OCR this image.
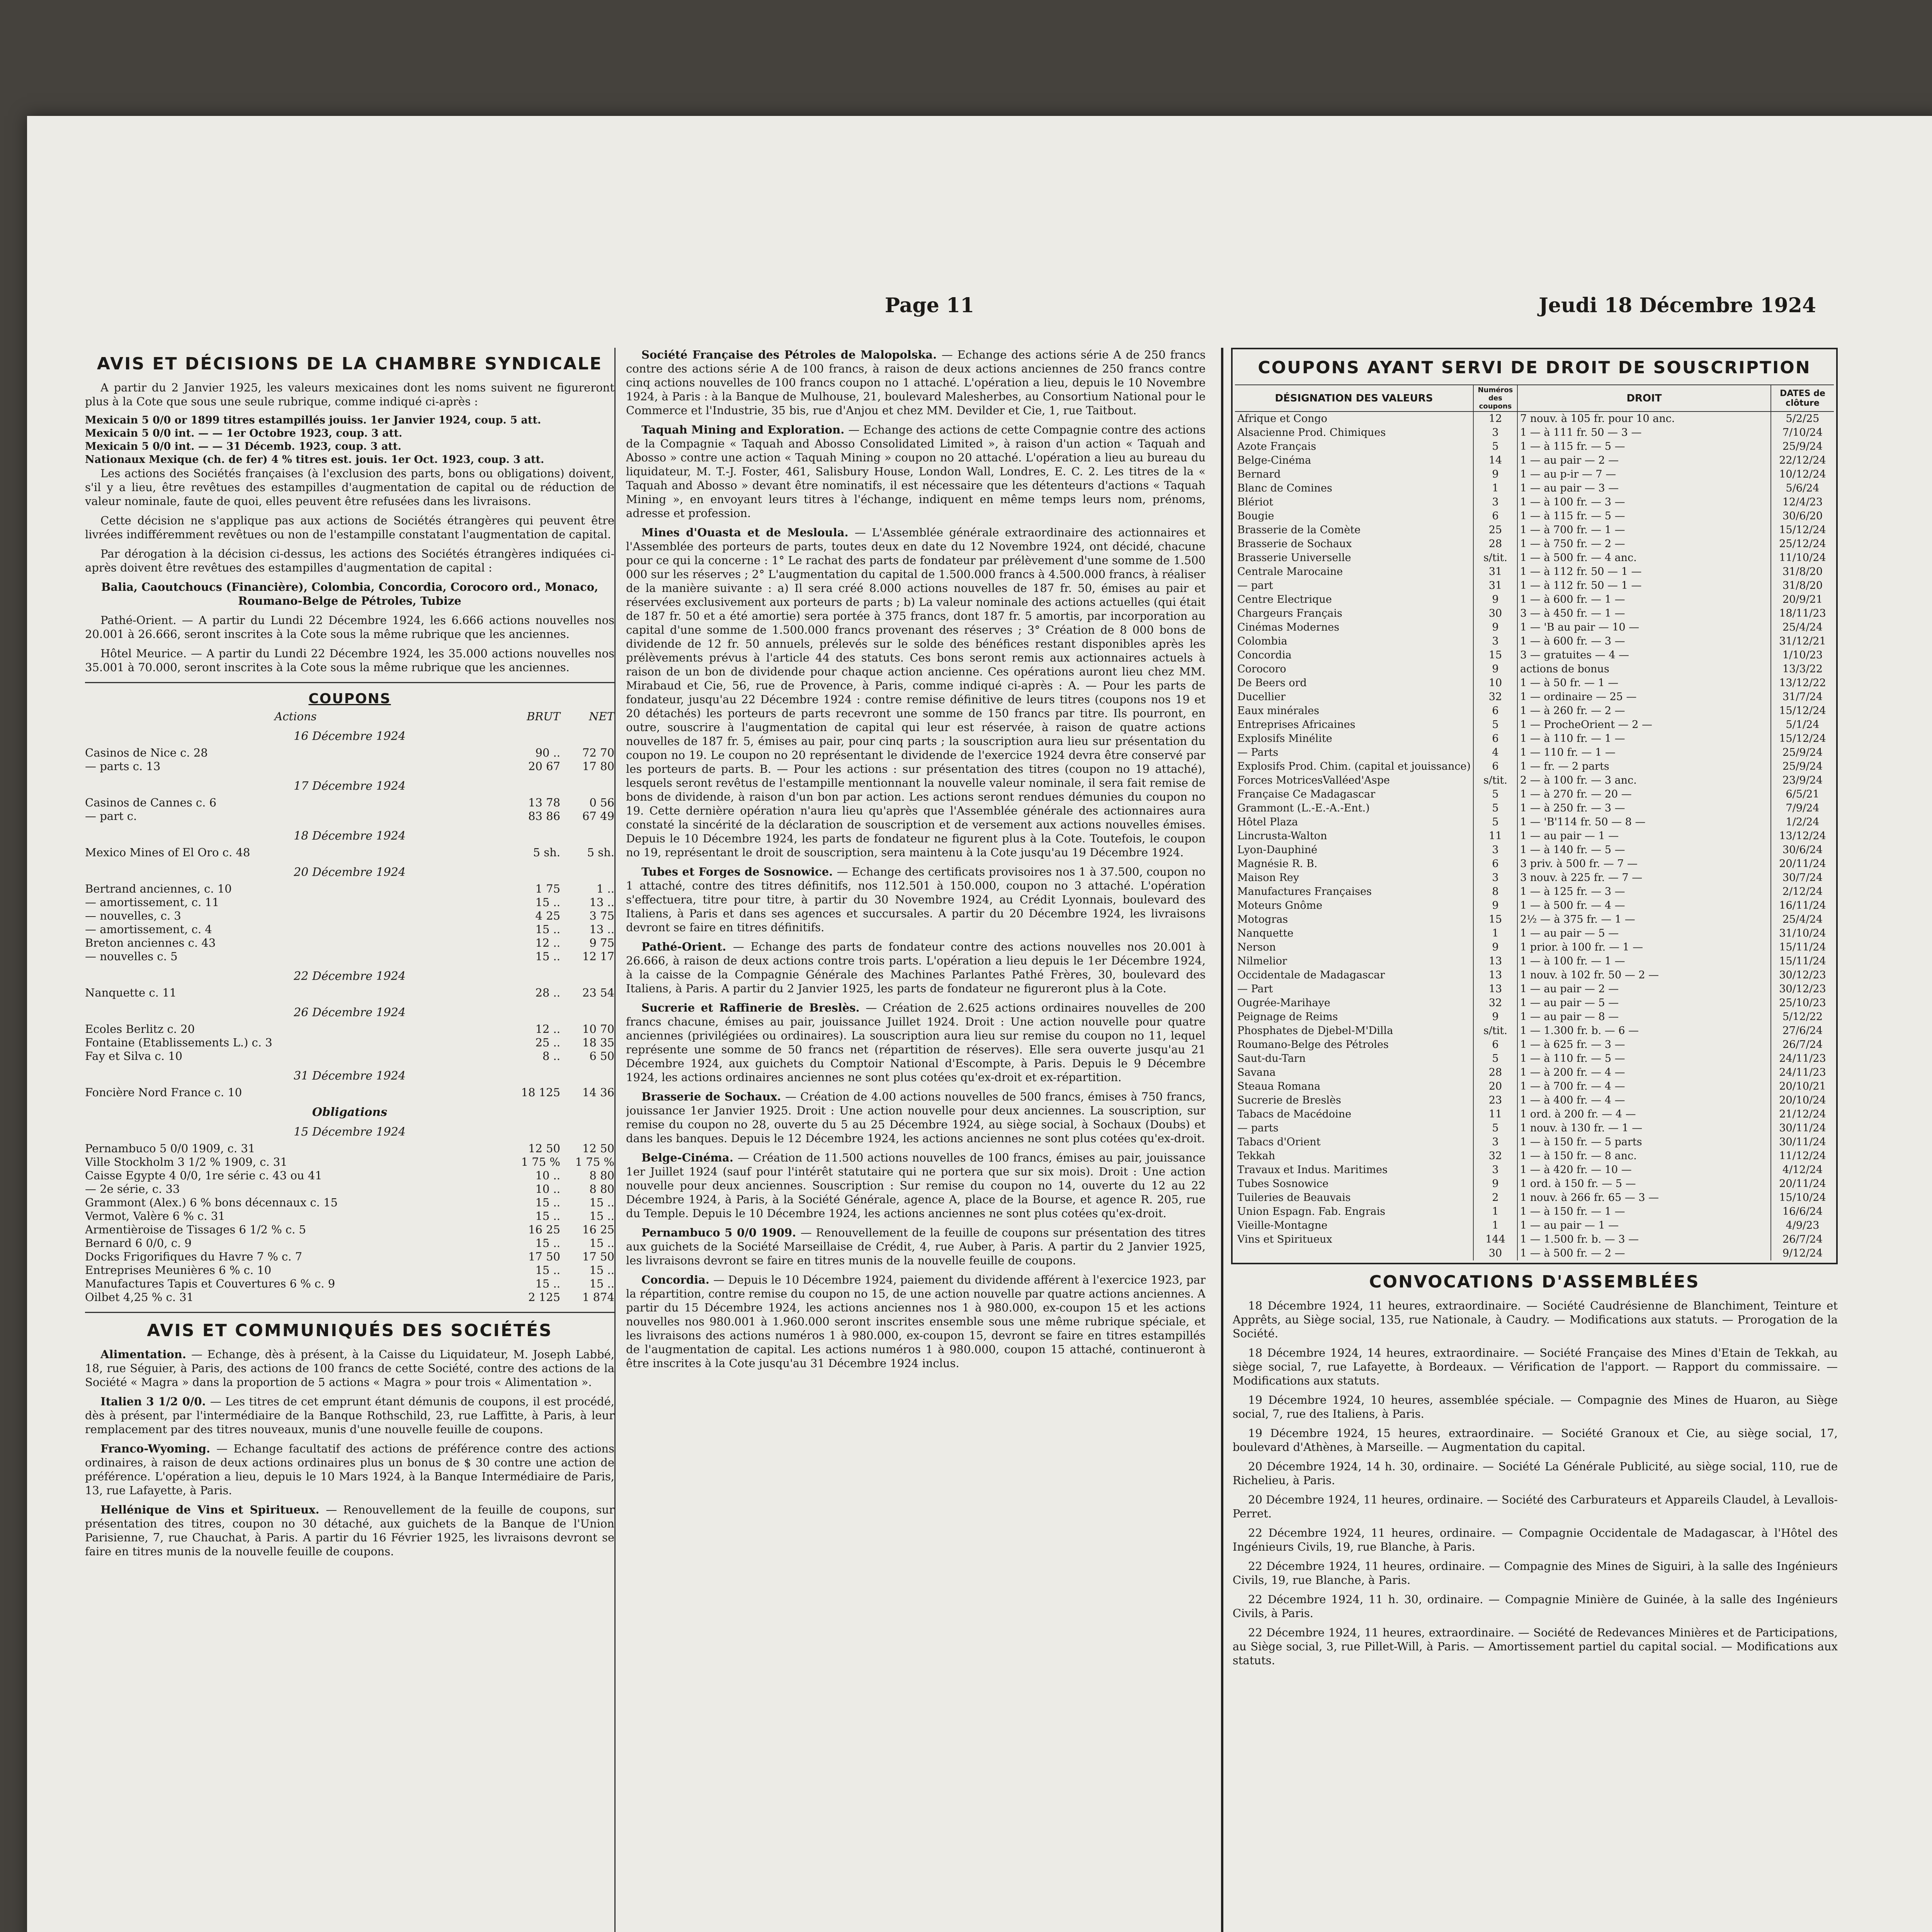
Page 11	Jeudi 18 Décembre 1924
AVIS ET DÉCISIONS DE LA CHAMBRE SYNDICALE

A partir du 2 Janvier 1925, les valeurs mexicaines dont les noms suivent ne figureront plus à la Cote que sous une seule rubrique, comme indiqué ci-après :

Mexicain 5 0/0 or 1899 titres estampillés jouiss. 1er Janvier 1924, coup. 5 att.
Mexicain 5 0/0 int. — — 1er Octobre 1923, coup. 3 att.
Mexicain 5 0/0 int. — — 31 Décemb. 1923, coup. 3 att.
Nationaux Mexique (ch. de fer) 4 % titres est. jouis. 1er Oct. 1923, coup. 3 att.

Les actions des Sociétés françaises (à l'exclusion des parts, bons ou obligations) doivent, s'il y a lieu, être revêtues des estampilles d'augmentation de capital ou de réduction de valeur nominale, faute de quoi, elles peuvent être refusées dans les livraisons.

Cette décision ne s'applique pas aux actions de Sociétés étrangères qui peuvent être livrées indifféremment revêtues ou non de l'estampille constatant l'augmentation de capital.

Par dérogation à la décision ci-dessus, les actions des Sociétés étrangères indiquées ci-après doivent être revêtues des estampilles d'augmentation de capital :

Balia, Caoutchoucs (Financière), Colombia, Concordia, Corocoro ord., Monaco, Roumano-Belge de Pétroles, Tubize

Pathé-Orient. — A partir du Lundi 22 Décembre 1924, les 6.666 actions nouvelles nos 20.001 à 26.666, seront inscrites à la Cote sous la même rubrique que les anciennes.

Hôtel Meurice. — A partir du Lundi 22 Décembre 1924, les 35.000 actions nouvelles nos 35.001 à 70.000, seront inscrites à la Cote sous la même rubrique que les anciennes.

COUPONS
Actions	BRUT	NET
16 Décembre 1924
Casinos de Nice c. 28	90 ..	72 70
— parts c. 13	20 67	17 80
17 Décembre 1924
Casinos de Cannes c. 6	13 78	0 56
— part c.	83 86	67 49
18 Décembre 1924
Mexico Mines of El Oro c. 48	5 sh.	5 sh.
20 Décembre 1924
Bertrand anciennes, c. 10	1 75	1 ..
— amortissement, c. 11	15 ..	13 ..
— nouvelles, c. 3	4 25	3 75
— amortissement, c. 4	15 ..	13 ..
Breton anciennes c. 43	12 ..	9 75
— nouvelles c. 5	15 ..	12 17
22 Décembre 1924
Nanquette c. 11	28 ..	23 54
26 Décembre 1924
Ecoles Berlitz c. 20	12 ..	10 70
Fontaine (Etablissements L.) c. 3	25 ..	18 35
Fay et Silva c. 10	8 ..	6 50
31 Décembre 1924
Foncière Nord France c. 10	18 125	14 36
Obligations
15 Décembre 1924
Pernambuco 5 0/0 1909, c. 31	12 50	12 50
Ville Stockholm 3 1/2 % 1909, c. 31	1 75 %	1 75 %
Caisse Egypte 4 0/0, 1re série c. 43 ou 41	10 ..	8 80
— 2e série, c. 33	10 ..	8 80
Grammont (Alex.) 6 % bons décennaux c. 15	15 ..	15 ..
Vermot, Valère 6 % c. 31	15 ..	15 ..
Armentièroise de Tissages 6 1/2 % c. 5	16 25	16 25
Bernard 6 0/0, c. 9	15 ..	15 ..
Docks Frigorifiques du Havre 7 % c. 7	17 50	17 50
Entreprises Meunières 6 % c. 10	15 ..	15 ..
Manufactures Tapis et Couvertures 6 % c. 9	15 ..	15 ..
Oilbet 4,25 % c. 31	2 125	1 874
AVIS ET COMMUNIQUÉS DES SOCIÉTÉS

Alimentation. — Echange, dès à présent, à la Caisse du Liquidateur, M. Joseph Labbé, 18, rue Séguier, à Paris, des actions de 100 francs de cette Société, contre des actions de la Société « Magra » dans la proportion de 5 actions « Magra » pour trois « Alimentation ».

Italien 3 1/2 0/0. — Les titres de cet emprunt étant démunis de coupons, il est procédé, dès à présent, par l'intermédiaire de la Banque Rothschild, 23, rue Laffitte, à Paris, à leur remplacement par des titres nouveaux, munis d'une nouvelle feuille de coupons.

Franco-Wyoming. — Echange facultatif des actions de préférence contre des actions ordinaires, à raison de deux actions ordinaires plus un bonus de $ 30 contre une action de préférence. L'opération a lieu, depuis le 10 Mars 1924, à la Banque Intermédiaire de Paris, 13, rue Lafayette, à Paris.

Hellénique de Vins et Spiritueux. — Renouvellement de la feuille de coupons, sur présentation des titres, coupon no 30 détaché, aux guichets de la Banque de l'Union Parisienne, 7, rue Chauchat, à Paris. A partir du 16 Février 1925, les livraisons devront se faire en titres munis de la nouvelle feuille de coupons.

Société Française des Pétroles de Malopolska. — Echange des actions série A de 250 francs contre des actions série A de 100 francs, à raison de deux actions anciennes de 250 francs contre cinq actions nouvelles de 100 francs coupon no 1 attaché. L'opération a lieu, depuis le 10 Novembre 1924, à Paris : à la Banque de Mulhouse, 21, boulevard Malesherbes, au Consortium National pour le Commerce et l'Industrie, 35 bis, rue d'Anjou et chez MM. Devilder et Cie, 1, rue Taitbout.

Taquah Mining and Exploration. — Echange des actions de cette Compagnie contre des actions de la Compagnie « Taquah and Abosso Consolidated Limited », à raison d'un action « Taquah and Abosso » contre une action « Taquah Mining » coupon no 20 attaché. L'opération a lieu au bureau du liquidateur, M. T.-J. Foster, 461, Salisbury House, London Wall, Londres, E. C. 2. Les titres de la « Taquah and Abosso » devant être nominatifs, il est nécessaire que les détenteurs d'actions « Taquah Mining », en envoyant leurs titres à l'échange, indiquent en même temps leurs nom, prénoms, adresse et profession.

Mines d'Ouasta et de Mesloula. — L'Assemblée générale extraordinaire des actionnaires et l'Assemblée des porteurs de parts, toutes deux en date du 12 Novembre 1924, ont décidé, chacune pour ce qui la concerne : 1° Le rachat des parts de fondateur par prélèvement d'une somme de 1.500 000 sur les réserves ; 2° L'augmentation du capital de 1.500.000 francs à 4.500.000 francs, à réaliser de la manière suivante : a) Il sera créé 8.000 actions nouvelles de 187 fr. 50, émises au pair et réservées exclusivement aux porteurs de parts ; b) La valeur nominale des actions actuelles (qui était de 187 fr. 50 et a été amortie) sera portée à 375 francs, dont 187 fr. 5 amortis, par incorporation au capital d'une somme de 1.500.000 francs provenant des réserves ; 3° Création de 8 000 bons de dividende de 12 fr. 50 annuels, prélevés sur le solde des bénéfices restant disponibles après les prélèvements prévus à l'article 44 des statuts. Ces bons seront remis aux actionnaires actuels à raison de un bon de dividende pour chaque action ancienne. Ces opérations auront lieu chez MM. Mirabaud et Cie, 56, rue de Provence, à Paris, comme indiqué ci-après : A. — Pour les parts de fondateur, jusqu'au 22 Décembre 1924 : contre remise définitive de leurs titres (coupons nos 19 et 20 détachés) les porteurs de parts recevront une somme de 150 francs par titre. Ils pourront, en outre, souscrire à l'augmentation de capital qui leur est réservée, à raison de quatre actions nouvelles de 187 fr. 5, émises au pair, pour cinq parts ; la souscription aura lieu sur présentation du coupon no 19. Le coupon no 20 représentant le dividende de l'exercice 1924 devra être conservé par les porteurs de parts. B. — Pour les actions : sur présentation des titres (coupon no 19 attaché), lesquels seront revêtus de l'estampille mentionnant la nouvelle valeur nominale, il sera fait remise de bons de dividende, à raison d'un bon par action. Les actions seront rendues démunies du coupon no 19. Cette dernière opération n'aura lieu qu'après que l'Assemblée générale des actionnaires aura constaté la sincérité de la déclaration de souscription et de versement aux actions nouvelles émises. Depuis le 10 Décembre 1924, les parts de fondateur ne figurent plus à la Cote. Toutefois, le coupon no 19, représentant le droit de souscription, sera maintenu à la Cote jusqu'au 19 Décembre 1924.

Tubes et Forges de Sosnowice. — Echange des certificats provisoires nos 1 à 37.500, coupon no 1 attaché, contre des titres définitifs, nos 112.501 à 150.000, coupon no 3 attaché. L'opération s'effectuera, titre pour titre, à partir du 30 Novembre 1924, au Crédit Lyonnais, boulevard des Italiens, à Paris et dans ses agences et succursales. A partir du 20 Décembre 1924, les livraisons devront se faire en titres définitifs.

Pathé-Orient. — Echange des parts de fondateur contre des actions nouvelles nos 20.001 à 26.666, à raison de deux actions contre trois parts. L'opération a lieu depuis le 1er Décembre 1924, à la caisse de la Compagnie Générale des Machines Parlantes Pathé Frères, 30, boulevard des Italiens, à Paris. A partir du 2 Janvier 1925, les parts de fondateur ne figureront plus à la Cote.

Sucrerie et Raffinerie de Breslès. — Création de 2.625 actions ordinaires nouvelles de 200 francs chacune, émises au pair, jouissance Juillet 1924. Droit : Une action nouvelle pour quatre anciennes (privilégiées ou ordinaires). La souscription aura lieu sur remise du coupon no 11, lequel représente une somme de 50 francs net (répartition de réserves). Elle sera ouverte jusqu'au 21 Décembre 1924, aux guichets du Comptoir National d'Escompte, à Paris. Depuis le 9 Décembre 1924, les actions ordinaires anciennes ne sont plus cotées qu'ex-droit et ex-répartition.

Brasserie de Sochaux. — Création de 4.00 actions nouvelles de 500 francs, émises à 750 francs, jouissance 1er Janvier 1925. Droit : Une action nouvelle pour deux anciennes. La souscription, sur remise du coupon no 28, ouverte du 5 au 25 Décembre 1924, au siège social, à Sochaux (Doubs) et dans les banques. Depuis le 12 Décembre 1924, les actions anciennes ne sont plus cotées qu'ex-droit.

Belge-Cinéma. — Création de 11.500 actions nouvelles de 100 francs, émises au pair, jouissance 1er Juillet 1924 (sauf pour l'intérêt statutaire qui ne portera que sur six mois). Droit : Une action nouvelle pour deux anciennes. Souscription : Sur remise du coupon no 14, ouverte du 12 au 22 Décembre 1924, à Paris, à la Société Générale, agence A, place de la Bourse, et agence R. 205, rue du Temple. Depuis le 10 Décembre 1924, les actions anciennes ne sont plus cotées qu'ex-droit.

Pernambuco 5 0/0 1909. — Renouvellement de la feuille de coupons sur présentation des titres aux guichets de la Société Marseillaise de Crédit, 4, rue Auber, à Paris. A partir du 2 Janvier 1925, les livraisons devront se faire en titres munis de la nouvelle feuille de coupons.

Concordia. — Depuis le 10 Décembre 1924, paiement du dividende afférent à l'exercice 1923, par la répartition, contre remise du coupon no 15, de une action nouvelle par quatre actions anciennes. A partir du 15 Décembre 1924, les actions anciennes nos 1 à 980.000, ex-coupon 15 et les actions nouvelles nos 980.001 à 1.960.000 seront inscrites ensemble sous une même rubrique spéciale, et les livraisons des actions numéros 1 à 980.000, ex-coupon 15, devront se faire en titres estampillés de l'augmentation de capital. Les actions numéros 1 à 980.000, coupon 15 attaché, continueront à être inscrites à la Cote jusqu'au 31 Décembre 1924 inclus.

COUPONS AYANT SERVI DE DROIT DE SOUSCRIPTION
DÉSIGNATION DES VALEURS	Numéros des coupons	DROIT	DATES de clôture
Afrique et Congo	12	7 nouv. à 105 fr. pour 10 anc.	5/2/25
Alsacienne Prod. Chimiques	3	1 — à 111 fr. 50 — 3 —	7/10/24
Azote Français	5	1 — à 115 fr. — 5 —	25/9/24
Belge-Cinéma	14	1 — au pair — 2 —	22/12/24
Bernard	9	1 — au p-ir — 7 —	10/12/24
Blanc de Comines	1	1 — au pair — 3 —	5/6/24
Blériot	3	1 — à 100 fr. — 3 —	12/4/23
Bougie	6	1 — à 115 fr. — 5 —	30/6/20
Brasserie de la Comète	25	1 — à 700 fr. — 1 —	15/12/24
Brasserie de Sochaux	28	1 — à 750 fr. — 2 —	25/12/24
Brasserie Universelle	s/tit.	1 — à 500 fr. — 4 anc.	11/10/24
Centrale Marocaine	31	1 — à 112 fr. 50 — 1 —	31/8/20
— part	31	1 — à 112 fr. 50 — 1 —	31/8/20
Centre Electrique	9	1 — à 600 fr. — 1 —	20/9/21
Chargeurs Français	30	3 — à 450 fr. — 1 —	18/11/23
Cinémas Modernes	9	1 — 'B au pair — 10 —	25/4/24
Colombia	3	1 — à 600 fr. — 3 —	31/12/21
Concordia	15	3 — gratuites — 4 —	1/10/23
Corocoro	9	actions de bonus	13/3/22
De Beers ord	10	1 — à 50 fr. — 1 —	13/12/22
Ducellier	32	1 — ordinaire — 25 —	31/7/24
Eaux minérales	6	1 — à 260 fr. — 2 —	15/12/24
Entreprises Africaines	5	1 — ProcheOrient — 2 —	5/1/24
Explosifs Minélite	6	1 — à 110 fr. — 1 —	15/12/24
— Parts	4	1 — 110 fr. — 1 —	25/9/24
Explosifs Prod. Chim. (capital et jouissance)	6	1 — fr. — 2 parts	25/9/24
Forces MotricesValléed'Aspe	s/tit.	2 — à 100 fr. — 3 anc.	23/9/24
Française Ce Madagascar	5	1 — à 270 fr. — 20 —	6/5/21
Grammont (L.-E.-A.-Ent.)	5	1 — à 250 fr. — 3 —	7/9/24
Hôtel Plaza	5	1 — 'B'114 fr. 50 — 8 —	1/2/24
Lincrusta-Walton	11	1 — au pair — 1 —	13/12/24
Lyon-Dauphiné	3	1 — à 140 fr. — 5 —	30/6/24
Magnésie R. B.	6	3 priv. à 500 fr. — 7 —	20/11/24
Maison Rey	3	3 nouv. à 225 fr. — 7 —	30/7/24
Manufactures Françaises	8	1 — à 125 fr. — 3 —	2/12/24
Moteurs Gnôme	9	1 — à 500 fr. — 4 —	16/11/24
Motogras	15	2½ — à 375 fr. — 1 —	25/4/24
Nanquette	1	1 — au pair — 5 —	31/10/24
Nerson	9	1 prior. à 100 fr. — 1 —	15/11/24
Nilmelior	13	1 — à 100 fr. — 1 —	15/11/24
Occidentale de Madagascar	13	1 nouv. à 102 fr. 50 — 2 —	30/12/23
— Part	13	1 — au pair — 2 —	30/12/23
Ougrée-Marihaye	32	1 — au pair — 5 —	25/10/23
Peignage de Reims	9	1 — au pair — 8 —	5/12/22
Phosphates de Djebel-M'Dilla	s/tit.	1 — 1.300 fr. b. — 6 —	27/6/24
Roumano-Belge des Pétroles	6	1 — à 625 fr. — 3 —	26/7/24
Saut-du-Tarn	5	1 — à 110 fr. — 5 —	24/11/23
Savana	28	1 — à 200 fr. — 4 —	24/11/23
Steaua Romana	20	1 — à 700 fr. — 4 —	20/10/21
Sucrerie de Breslès	23	1 — à 400 fr. — 4 —	20/10/24
Tabacs de Macédoine	11	1 ord. à 200 fr. — 4 —	21/12/24
— parts	5	1 nouv. à 130 fr. — 1 —	30/11/24
Tabacs d'Orient	3	1 — à 150 fr. — 5 parts	30/11/24
Tekkah	32	1 — à 150 fr. — 8 anc.	11/12/24
Travaux et Indus. Maritimes	3	1 — à 420 fr. — 10 —	4/12/24
Tubes Sosnowice	9	1 ord. à 150 fr. — 5 —	20/11/24
Tuileries de Beauvais	2	1 nouv. à 266 fr. 65 — 3 —	15/10/24
Union Espagn. Fab. Engrais	1	1 — à 150 fr. — 1 —	16/6/24
Vieille-Montagne	1	1 — au pair — 1 —	4/9/23
Vins et Spiritueux	144	1 — 1.500 fr. b. — 3 —	26/7/24
	30	1 — à 500 fr. — 2 —	9/12/24
CONVOCATIONS D'ASSEMBLÉES

18 Décembre 1924, 11 heures, extraordinaire. — Société Caudrésienne de Blanchiment, Teinture et Apprêts, au Siège social, 135, rue Nationale, à Caudry. — Modifications aux statuts. — Prorogation de la Société.

18 Décembre 1924, 14 heures, extraordinaire. — Société Française des Mines d'Etain de Tekkah, au siège social, 7, rue Lafayette, à Bordeaux. — Vérification de l'apport. — Rapport du commissaire. — Modifications aux statuts.

19 Décembre 1924, 10 heures, assemblée spéciale. — Compagnie des Mines de Huaron, au Siège social, 7, rue des Italiens, à Paris.

19 Décembre 1924, 15 heures, extraordinaire. — Société Granoux et Cie, au siège social, 17, boulevard d'Athènes, à Marseille. — Augmentation du capital.

20 Décembre 1924, 14 h. 30, ordinaire. — Société La Générale Publicité, au siège social, 110, rue de Richelieu, à Paris.

20 Décembre 1924, 11 heures, ordinaire. — Société des Carburateurs et Appareils Claudel, à Levallois-Perret.

22 Décembre 1924, 11 heures, ordinaire. — Compagnie Occidentale de Madagascar, à l'Hôtel des Ingénieurs Civils, 19, rue Blanche, à Paris.

22 Décembre 1924, 11 heures, ordinaire. — Compagnie des Mines de Siguiri, à la salle des Ingénieurs Civils, 19, rue Blanche, à Paris.

22 Décembre 1924, 11 h. 30, ordinaire. — Compagnie Minière de Guinée, à la salle des Ingénieurs Civils, à Paris.

22 Décembre 1924, 11 heures, extraordinaire. — Société de Redevances Minières et de Participations, au Siège social, 3, rue Pillet-Will, à Paris. — Amortissement partiel du capital social. — Modifications aux statuts.
